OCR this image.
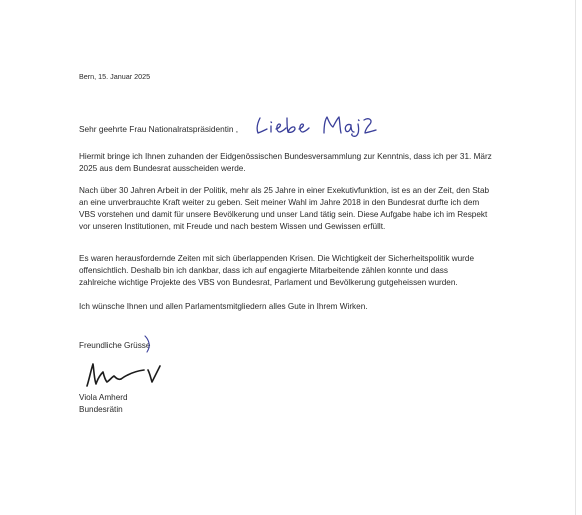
Bern, 15. Januar 2025
Sehr geehrte Frau Nationalratspräsidentin ,

Hiermit bringe ich Ihnen zuhanden der Eidgenössischen Bundesversammlung zur Kenntnis, dass ich per 31. März
2025 aus dem Bundesrat ausscheiden werde.

Nach über 30 Jahren Arbeit in der Politik, mehr als 25 Jahre in einer Exekutivfunktion, ist es an der Zeit, den Stab
an eine unverbrauchte Kraft weiter zu geben. Seit meiner Wahl im Jahre 2018 in den Bundesrat durfte ich dem
VBS vorstehen und damit für unsere Bevölkerung und unser Land tätig sein. Diese Aufgabe habe ich im Respekt
vor unseren Institutionen, mit Freude und nach bestem Wissen und Gewissen erfüllt.

Es waren herausfordernde Zeiten mit sich überlappenden Krisen. Die Wichtigkeit der Sicherheitspolitik wurde
offensichtlich. Deshalb bin ich dankbar, dass ich auf engagierte Mitarbeitende zählen konnte und dass
zahlreiche wichtige Projekte des VBS von Bundesrat, Parlament und Bevölkerung gutgeheissen wurden.

Ich wünsche Ihnen und allen Parlamentsmitgliedern alles Gute in Ihrem Wirken.

Freundliche Grüsse
Viola Amherd
Bundesrätin
